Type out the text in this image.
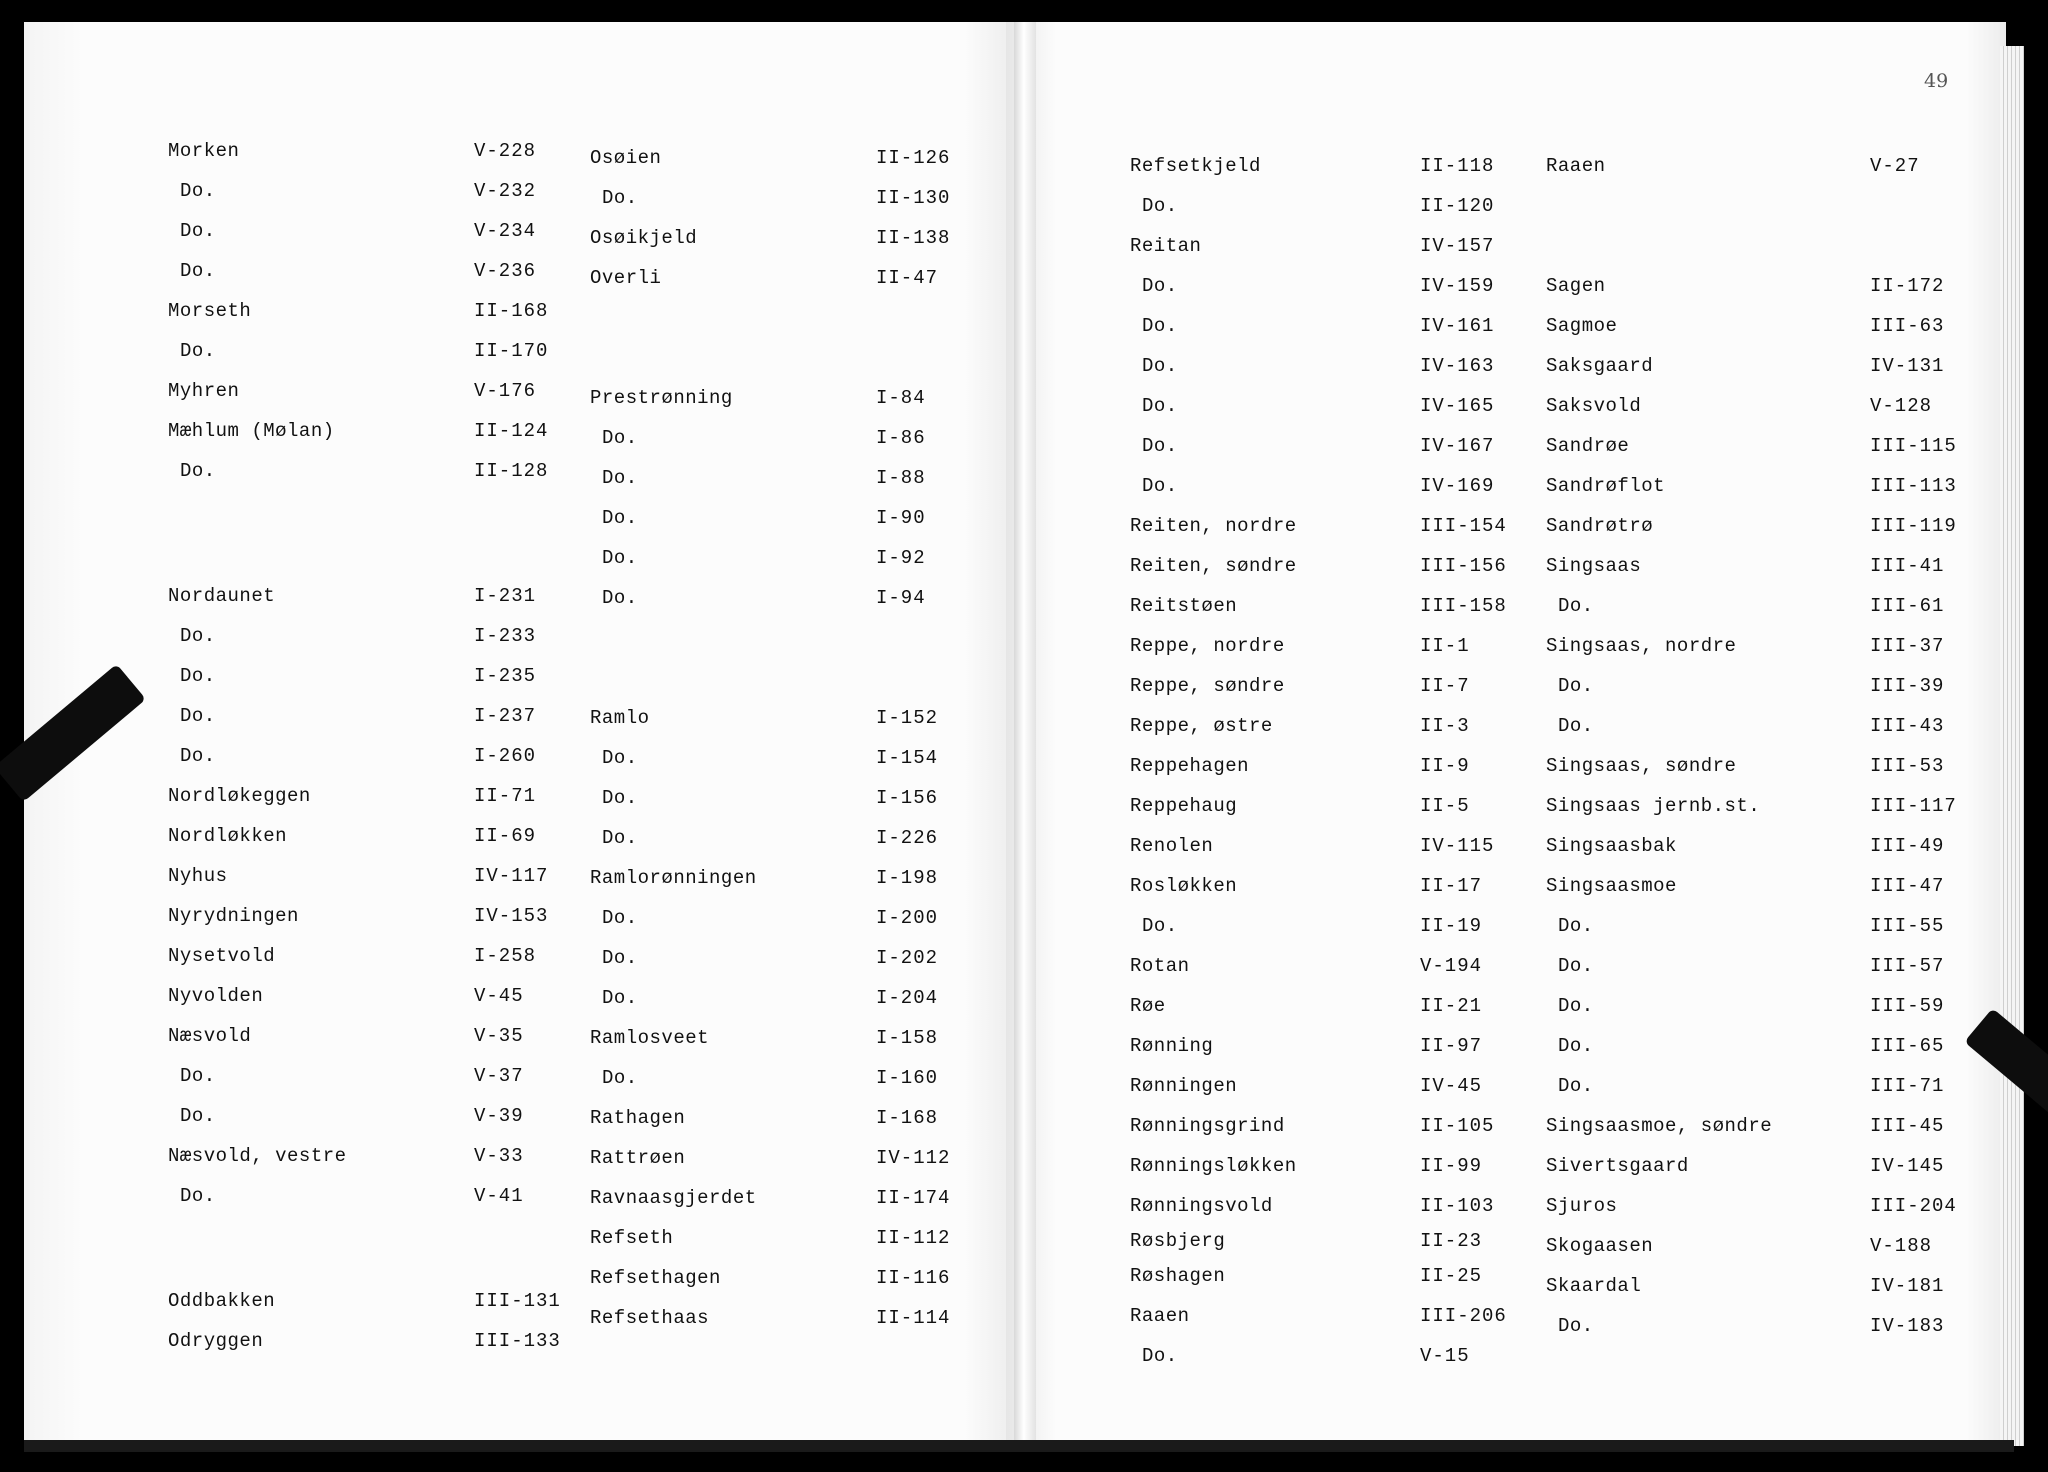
49
Morken	V-228
Do.	V-232
Do.	V-234
Do.	V-236
Morseth	II-168
Do.	II-170
Myhren	V-176
Mæhlum (Mølan)	II-124
Do.	II-128
Nordaunet	I-231
Do.	I-233
Do.	I-235
Do.	I-237
Do.	I-260
Nordløkeggen	II-71
Nordløkken	II-69
Nyhus	IV-117
Nyrydningen	IV-153
Nysetvold	I-258
Nyvolden	V-45
Næsvold	V-35
Do.	V-37
Do.	V-39
Næsvold, vestre	V-33
Do.	V-41
Oddbakken	III-131
Odryggen	III-133
Osøien	II-126
Do.	II-130
Osøikjeld	II-138
Overli	II-47
Prestrønning	I-84
Do.	I-86
Do.	I-88
Do.	I-90
Do.	I-92
Do.	I-94
Ramlo	I-152
Do.	I-154
Do.	I-156
Do.	I-226
Ramlorønningen	I-198
Do.	I-200
Do.	I-202
Do.	I-204
Ramlosveet	I-158
Do.	I-160
Rathagen	I-168
Rattrøen	IV-112
Ravnaasgjerdet	II-174
Refseth	II-112
Refsethagen	II-116
Refsethaas	II-114
Refsetkjeld	II-118
Do.	II-120
Reitan	IV-157
Do.	IV-159
Do.	IV-161
Do.	IV-163
Do.	IV-165
Do.	IV-167
Do.	IV-169
Reiten, nordre	III-154
Reiten, søndre	III-156
Reitstøen	III-158
Reppe, nordre	II-1
Reppe, søndre	II-7
Reppe, østre	II-3
Reppehagen	II-9
Reppehaug	II-5
Renolen	IV-115
Rosløkken	II-17
Do.	II-19
Rotan	V-194
Røe	II-21
Rønning	II-97
Rønningen	IV-45
Rønningsgrind	II-105
Rønningsløkken	II-99
Rønningsvold	II-103
Røsbjerg	II-23
Røshagen	II-25
Raaen	III-206
Do.	V-15
Raaen	V-27
Sagen	II-172
Sagmoe	III-63
Saksgaard	IV-131
Saksvold	V-128
Sandrøe	III-115
Sandrøflot	III-113
Sandrøtrø	III-119
Singsaas	III-41
Do.	III-61
Singsaas, nordre	III-37
Do.	III-39
Do.	III-43
Singsaas, søndre	III-53
Singsaas jernb.st.	III-117
Singsaasbak	III-49
Singsaasmoe	III-47
Do.	III-55
Do.	III-57
Do.	III-59
Do.	III-65
Do.	III-71
Singsaasmoe, søndre	III-45
Sivertsgaard	IV-145
Sjuros	III-204
Skogaasen	V-188
Skaardal	IV-181
Do.	IV-183
